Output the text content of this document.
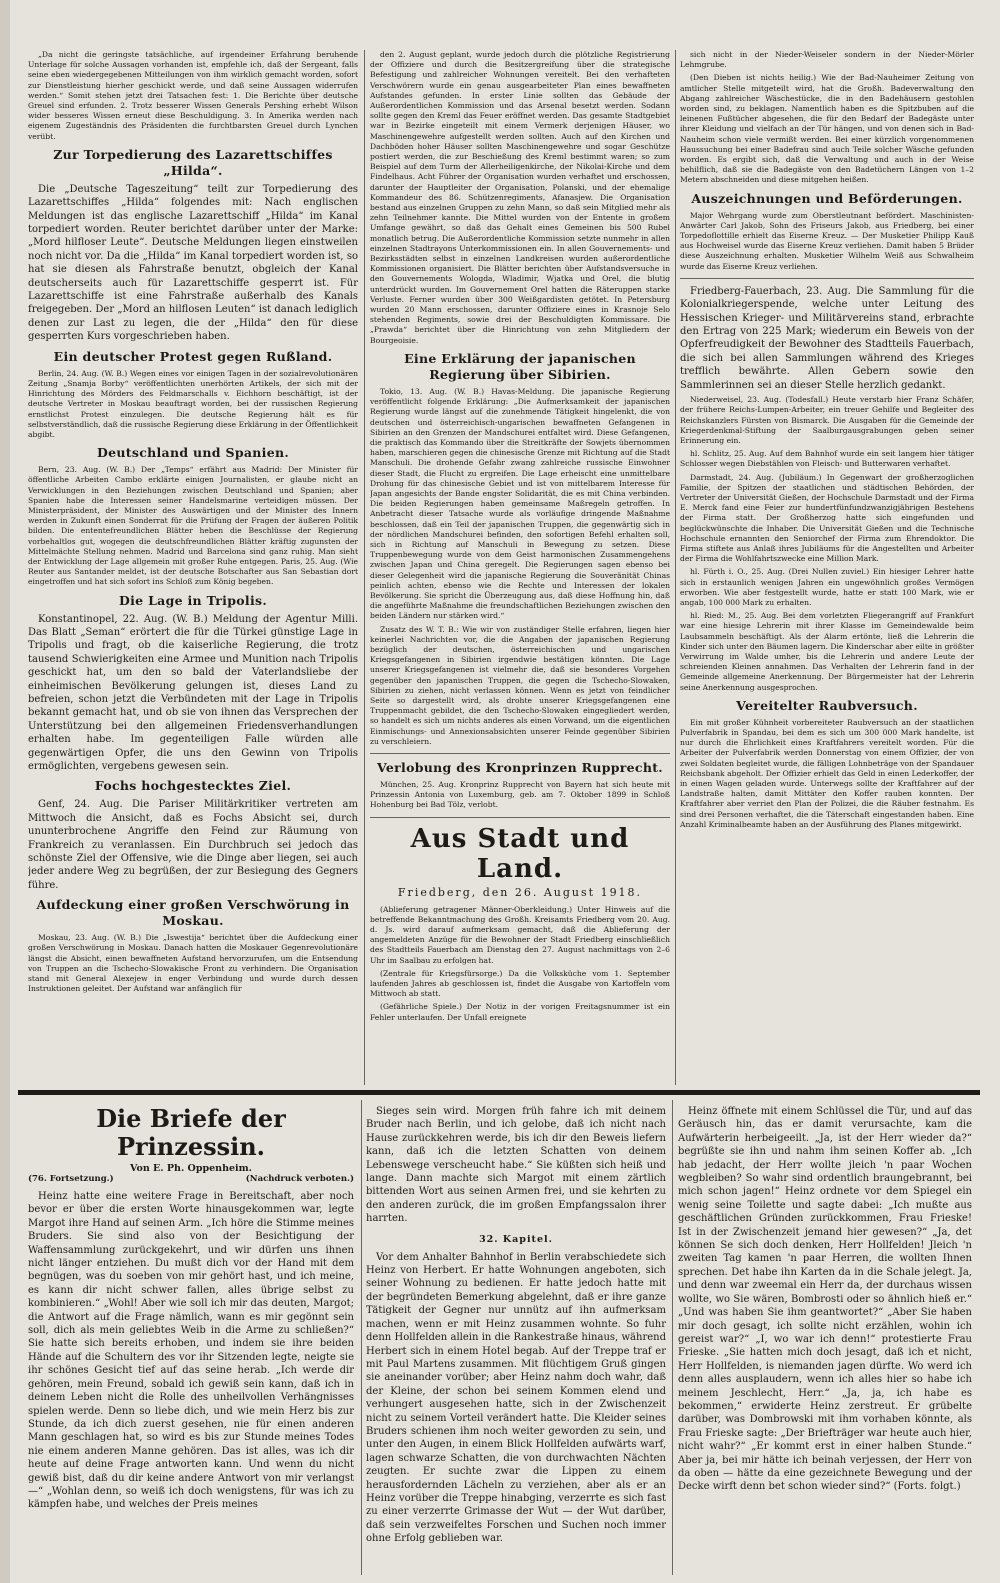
„Da nicht die geringste tatsächliche, auf irgendeiner Erfahrung beruhende Unterlage für solche Aussagen vorhanden ist, empfehle ich, daß der Sergeant, falls seine eben wiedergegebenen Mitteilungen von ihm wirklich gemacht worden, sofort zur Dienstleistung hierher geschickt werde, und daß seine Aussagen widerrufen werden.“ Somit stehen jetzt drei Tatsachen fest: 1. Die Berichte über deutsche Greuel sind erfunden. 2. Trotz besserer Wissen Generals Pershing erhebt Wilson wider besseres Wissen erneut diese Beschuldigung. 3. In Amerika werden nach eigenem Zugeständnis des Präsidenten die furchtbarsten Greuel durch Lynchen verübt.

Zur Torpedierung des Lazarettschiffes „Hilda“.

Die „Deutsche Tageszeitung“ teilt zur Torpedierung des Lazarettschiffes „Hilda“ folgendes mit: Nach englischen Meldungen ist das englische Lazarettschiff „Hilda“ im Kanal torpediert worden. Reuter berichtet darüber unter der Marke: „Mord hilfloser Leute“. Deutsche Meldungen liegen einstweilen noch nicht vor. Da die „Hilda“ im Kanal torpediert worden ist, so hat sie diesen als Fahrstraße benutzt, obgleich der Kanal deutscherseits auch für Lazarettschiffe gesperrt ist. Für Lazarettschiffe ist eine Fahrstraße außerhalb des Kanals freigegeben. Der „Mord an hilflosen Leuten“ ist danach lediglich denen zur Last zu legen, die der „Hilda“ den für diese gesperrten Kurs vorgeschrieben haben.

Ein deutscher Protest gegen Rußland.

Berlin, 24. Aug. (W. B.) Wegen eines vor einigen Tagen in der sozialrevolutionären Zeitung „Snamja Borby“ veröffentlichten unerhörten Artikels, der sich mit der Hinrichtung des Mörders des Feldmarschalls v. Eichhorn beschäftigt, ist der deutsche Vertreter in Moskau beauftragt worden, bei der russischen Regierung ernstlichst Protest einzulegen. Die deutsche Regierung hält es für selbstverständlich, daß die russische Regierung diese Erklärung in der Öffentlichkeit abgibt.

Deutschland und Spanien.

Bern, 23. Aug. (W. B.) Der „Temps“ erfährt aus Madrid: Der Minister für öffentliche Arbeiten Cambo erklärte einigen Journalisten, er glaube nicht an Verwicklungen in den Beziehungen zwischen Deutschland und Spanien; aber Spanien habe die Interessen seiner Handelsmarine verteidigen müssen. Der Ministerpräsident, der Minister des Auswärtigen und der Minister des Innern werden in Zukunft einen Sonderrat für die Prüfung der Fragen der äußeren Politik bilden. Die ententefreundlichen Blätter heben die Beschlüsse der Regierung vorbehaltlos gut, wogegen die deutschfreundlichen Blätter kräftig zugunsten der Mittelmächte Stellung nehmen. Madrid und Barcelona sind ganz ruhig. Man sieht der Entwicklung der Lage allgemein mit großer Ruhe entgegen. Paris, 25. Aug. (Wie Reuter aus Santander meldet, ist der deutsche Botschafter aus San Sebastian dort eingetroffen und hat sich sofort ins Schloß zum König begeben.

Die Lage in Tripolis.

Konstantinopel, 22. Aug. (W. B.) Meldung der Agentur Milli. Das Blatt „Seman“ erörtert die für die Türkei günstige Lage in Tripolis und fragt, ob die kaiserliche Regierung, die trotz tausend Schwierigkeiten eine Armee und Munition nach Tripolis geschickt hat, um den so bald der Vaterlandsliebe der einheimischen Bevölkerung gelungen ist, dieses Land zu befreien, schon jetzt die Verbündeten mit der Lage in Tripolis bekannt gemacht hat, und ob sie von ihnen das Versprechen der Unterstützung bei den allgemeinen Friedensverhandlungen erhalten habe. Im gegenteiligen Falle würden alle gegenwärtigen Opfer, die uns den Gewinn von Tripolis ermöglichten, vergebens gewesen sein.

Fochs hochgestecktes Ziel.

Genf, 24. Aug. Die Pariser Militärkritiker vertreten am Mittwoch die Ansicht, daß es Fochs Absicht sei, durch ununterbrochene Angriffe den Feind zur Räumung von Frankreich zu veranlassen. Ein Durchbruch sei jedoch das schönste Ziel der Offensive, wie die Dinge aber liegen, sei auch jeder andere Weg zu begrüßen, der zur Besiegung des Gegners führe.

Aufdeckung einer großen Verschwörung in Moskau.

Moskau, 23. Aug. (W. B.) Die „Iswestija“ berichtet über die Aufdeckung einer großen Verschwörung in Moskau. Danach hatten die Moskauer Gegenrevolutionäre längst die Absicht, einen bewaffneten Aufstand hervorzurufen, um die Entsendung von Truppen an die Tschecho-Slowakische Front zu verhindern. Die Organisation stand mit General Alexejew in enger Verbindung und wurde durch dessen Instruktionen geleitet. Der Aufstand war anfänglich für

den 2. August geplant, wurde jedoch durch die plötzliche Registrierung der Offiziere und durch die Besitzergreifung über die strategische Befestigung und zahlreicher Wohnungen vereitelt. Bei den verhafteten Verschwörern wurde ein genau ausgearbeiteter Plan eines bewaffneten Aufstandes gefunden. In erster Linie sollten das Gebäude der Außerordentlichen Kommission und das Arsenal besetzt werden. Sodann sollte gegen den Kreml das Feuer eröffnet werden. Das gesamte Stadtgebiet war in Bezirke eingeteilt mit einem Vermerk derjenigen Häuser, wo Maschinengewehre aufgestellt werden sollten. Auch auf den Kirchen und Dachböden hoher Häuser sollten Maschinengewehre und sogar Geschütze postiert werden, die zur Beschießung des Kreml bestimmt waren; so zum Beispiel auf dem Turm der Allerheiligenkirche, der Nikolai-Kirche und dem Findelhaus. Acht Führer der Organisation wurden verhaftet und erschossen, darunter der Hauptleiter der Organisation, Polanski, und der ehemalige Kommandeur des 86. Schützenregiments, Afanasjew. Die Organisation bestand aus einzelnen Gruppen zu zehn Mann, so daß sein Mitglied mehr als zehn Teilnehmer kannte. Die Mittel wurden von der Entente in großem Umfange gewährt, so daß das Gehalt eines Gemeinen bis 500 Rubel monatlich betrug. Die Außerordentliche Kommission setzte nunmehr in allen einzelnen Stadtrayons Unterkommissionen ein. In allen Gouvernements- und Bezirksstädten selbst in einzelnen Landkreisen wurden außerordentliche Kommissionen organisiert. Die Blätter berichten über Aufstandsversuche in den Gouvernements Wologda, Wladimir, Wjatka und Orel, die blutig unterdrückt wurden. Im Gouvernement Orel hatten die Räteruppen starke Verluste. Ferner wurden über 300 Weißgardisten getötet. In Petersburg wurden 20 Mann erschossen, darunter Offiziere eines in Krasnoje Selo stehenden Regiments, sowie drei der Beschuldigten Kommissare. Die „Prawda“ berichtet über die Hinrichtung von zehn Mitgliedern der Bourgeoisie.

Eine Erklärung der japanischen Regierung über Sibirien.

Tokio, 13. Aug. (W. B.) Havas-Meldung. Die japanische Regierung veröffentlicht folgende Erklärung: „Die Aufmerksamkeit der japanischen Regierung wurde längst auf die zunehmende Tätigkeit hingelenkt, die von deutschen und österreichisch-ungarischen bewaffneten Gefangenen in Sibirien an den Grenzen der Mandschurei entfaltet wird. Diese Gefangenen, die praktisch das Kommando über die Streitkräfte der Sowjets übernommen haben, marschieren gegen die chinesische Grenze mit Richtung auf die Stadt Manschuli. Die drohende Gefahr zwang zahlreiche russische Einwohner dieser Stadt, die Flucht zu ergreifen. Die Lage erheischt eine unmittelbare Drohung für das chinesische Gebiet und ist von mittelbarem Interesse für Japan angesichts der Bande engster Solidarität, die es mit China verbinden. Die beiden Regierungen haben gemeinsame Maßregeln getroffen. In Anbetracht dieser Tatsache wurde als vorläufige dringende Maßnahme beschlossen, daß ein Teil der japanischen Truppen, die gegenwärtig sich in der nördlichen Mandschurei befinden, den sofortigen Befehl erhalten soll, sich in Richtung auf Manschuli in Bewegung zu setzen. Diese Truppenbewegung wurde von dem Geist harmonischen Zusammengehens zwischen Japan und China geregelt. Die Regierungen sagen ebenso bei dieser Gelegenheit wird die japanische Regierung die Souveränität Chinas peinlich achten, ebenso wie die Rechte und Interessen der lokalen Bevölkerung. Sie spricht die Überzeugung aus, daß diese Hoffnung hin, daß die angeführte Maßnahme die freundschaftlichen Beziehungen zwischen den beiden Ländern nur stärken wird.“

Zusatz des W. T. B.: Wie wir von zuständiger Stelle erfahren, liegen hier keinerlei Nachrichten vor, die die Angaben der japanischen Regierung bezüglich der deutschen, österreichischen und ungarischen Kriegsgefangenen in Sibirien irgendwie bestätigen könnten. Die Lage unserer Kriegsgefangenen ist vielmehr die, daß sie besonderes Vorgehen gegenüber den japanischen Truppen, die gegen die Tschecho-Slowaken, Sibirien zu ziehen, nicht verlassen können. Wenn es jetzt von feindlicher Seite so dargestellt wird, als drohte unserer Kriegsgefangenen eine Truppenmacht gebildet, die den Tschecho-Slowaken eingegliedert werden, so handelt es sich um nichts anderes als einen Vorwand, um die eigentlichen Einmischungs- und Annexionsabsichten unserer Feinde gegenüber Sibirien zu verschleiern.

Verlobung des Kronprinzen Rupprecht.

München, 25. Aug. Kronprinz Rupprecht von Bayern hat sich heute mit Prinzessin Antonia von Luxemburg, geb. am 7. Oktober 1899 in Schloß Hohenburg bei Bad Tölz, verlobt.

Aus Stadt und Land.
Friedberg, den 26. August 1918.

(Ablieferung getragener Männer-Oberkleidung.) Unter Hinweis auf die betreffende Bekanntmachung des Großh. Kreisamts Friedberg vom 20. Aug. d. Js. wird darauf aufmerksam gemacht, daß die Ablieferung der angemeldeten Anzüge für die Bewohner der Stadt Friedberg einschließlich des Stadtteils Fauerbach am Dienstag den 27. August nachmittags von 2–6 Uhr im Saalbau zu erfolgen hat.

(Zentrale für Kriegsfürsorge.) Da die Volksküche vom 1. September laufenden Jahres ab geschlossen ist, findet die Ausgabe von Kartoffeln vom Mittwoch ab statt.

(Gefährliche Spiele.) Der Notiz in der vorigen Freitagsnummer ist ein Fehler unterlaufen. Der Unfall ereignete

sich nicht in der Nieder-Weiseler sondern in der Nieder-Mörler Lehmgrube.

(Den Dieben ist nichts heilig.) Wie der Bad-Nauheimer Zeitung von amtlicher Stelle mitgeteilt wird, hat die Großh. Badeverwaltung den Abgang zahlreicher Wäschestücke, die in den Badehäusern gestohlen worden sind, zu beklagen. Namentlich haben es die Spitzbuben auf die leinenen Fußtücher abgesehen, die für den Bedarf der Badegäste unter ihrer Kleidung und vielfach an der Tür hängen, und von denen sich in Bad-Nauheim schon viele vermißt werden. Bei einer kürzlich vorgenommenen Haussuchung bei einer Badefrau sind auch Teile solcher Wäsche gefunden worden. Es ergibt sich, daß die Verwaltung und auch in der Weise behilflich, daß sie die Badegäste von den Badetüchern Längen von 1–2 Metern abschneiden und diese mitgehen heißen.

Auszeichnungen und Beförderungen.

Major Wehrgang wurde zum Oberstleutnant befördert. Maschinisten-Anwärter Carl Jakob, Sohn des Friseurs Jakob, aus Friedberg, bei einer Torpedoflottille erhielt das Eiserne Kreuz. — Der Musketier Philipp Kauß aus Hochweisel wurde das Eiserne Kreuz verliehen. Damit haben 5 Brüder diese Auszeichnung erhalten. Musketier Wilhelm Weiß aus Schwalheim wurde das Eiserne Kreuz verliehen.

Friedberg-Fauerbach, 23. Aug. Die Sammlung für die Kolonialkriegerspende, welche unter Leitung des Hessischen Krieger- und Militärvereins stand, erbrachte den Ertrag von 225 Mark; wiederum ein Beweis von der Opferfreudigkeit der Bewohner des Stadtteils Fauerbach, die sich bei allen Sammlungen während des Krieges trefflich bewährte. Allen Gebern sowie den Sammlerinnen sei an dieser Stelle herzlich gedankt.

Niederweisel, 23. Aug. (Todesfall.) Heute verstarb hier Franz Schäfer, der frühere Reichs-Lumpen-Arbeiter, ein treuer Gehilfe und Begleiter des Reichskanzlers Fürsten von Bismarck. Die Ausgaben für die Gemeinde der Kriegerdenkmal-Stiftung der Saalburgausgrabungen geben seiner Erinnerung ein.

hl. Schlitz, 25. Aug. Auf dem Bahnhof wurde ein seit langem hier tätiger Schlosser wegen Diebstählen von Fleisch- und Butterwaren verhaftet.

Darmstadt, 24. Aug. (Jubiläum.) In Gegenwart der großherzoglichen Familie, der Spitzen der staatlichen und städtischen Behörden, der Vertreter der Universität Gießen, der Hochschule Darmstadt und der Firma E. Merck fand eine Feier zur hundertfünfundzwanzigjährigen Bestehens der Firma statt. Der Großherzog hatte sich eingefunden und beglückwünschte die Inhaber. Die Universität Gießen und die Technische Hochschule ernannten den Seniorchef der Firma zum Ehrendoktor. Die Firma stiftete aus Anlaß ihres Jubiläums für die Angestellten und Arbeiter der Firma die Wohlfahrtszwecke eine Million Mark.

hl. Fürth i. O., 25. Aug. (Drei Nullen zuviel.) Ein hiesiger Lehrer hatte sich in erstaunlich wenigen Jahren ein ungewöhnlich großes Vermögen erworben. Wie aber festgestellt wurde, hatte er statt 100 Mark, wie er angab, 100 000 Mark zu erhalten.

hl. Ried: M., 25. Aug. Bei dem vorletzten Fliegerangriff auf Frankfurt war eine hiesige Lehrerin mit ihrer Klasse im Gemeindewalde beim Laubsammeln beschäftigt. Als der Alarm ertönte, ließ die Lehrerin die Kinder sich unter den Bäumen lagern. Die Kinderschar aber eilte in größter Verwirrung im Walde umher, bis die Lehrerin und andere Leute der schreienden Kleinen annahmen. Das Verhalten der Lehrerin fand in der Gemeinde allgemeine Anerkennung. Der Bürgermeister hat der Lehrerin seine Anerkennung ausgesprochen.

Vereitelter Raubversuch.

Ein mit großer Kühnheit vorbereiteter Raubversuch an der staatlichen Pulverfabrik in Spandau, bei dem es sich um 300 000 Mark handelte, ist nur durch die Ehrlichkeit eines Kraftfahrers vereitelt worden. Für die Arbeiter der Pulverfabrik werden Donnerstag von einem Offizier, der von zwei Soldaten begleitet wurde, die fälligen Lohnbeträge von der Spandauer Reichsbank abgeholt. Der Offizier erhielt das Geld in einen Lederkoffer, der in einen Wagen geladen wurde. Unterwegs sollte der Kraftfahrer auf der Landstraße halten, damit Mittäter den Koffer rauben konnten. Der Kraftfahrer aber verriet den Plan der Polizei, die die Räuber festnahm. Es sind drei Personen verhaftet, die die Täterschaft eingestanden haben. Eine Anzahl Kriminalbeamte haben an der Ausführung des Planes mitgewirkt.

Die Briefe der Prinzessin.

Von E. Ph. Oppenheim.

(76. Fortsetzung.)	(Nachdruck verboten.)

Heinz hatte eine weitere Frage in Bereitschaft, aber noch bevor er über die ersten Worte hinausgekommen war, legte Margot ihre Hand auf seinen Arm. „Ich höre die Stimme meines Bruders. Sie sind also von der Besichtigung der Waffensammlung zurückgekehrt, und wir dürfen uns ihnen nicht länger entziehen. Du mußt dich vor der Hand mit dem begnügen, was du soeben von mir gehört hast, und ich meine, es kann dir nicht schwer fallen, alles übrige selbst zu kombinieren.“ „Wohl! Aber wie soll ich mir das deuten, Margot; die Antwort auf die Frage nämlich, wann es mir gegönnt sein soll, dich als mein geliebtes Weib in die Arme zu schließen?“ Sie hatte sich bereits erhoben, und indem sie ihre beiden Hände auf die Schultern des vor ihr Sitzenden legte, neigte sie ihr schönes Gesicht tief auf das seine herab. „Ich werde dir gehören, mein Freund, sobald ich gewiß sein kann, daß ich in deinem Leben nicht die Rolle des unheilvollen Verhängnisses spielen werde. Denn so liebe dich, und wie mein Herz bis zur Stunde, da ich dich zuerst gesehen, nie für einen anderen Mann geschlagen hat, so wird es bis zur Stunde meines Todes nie einem anderen Manne gehören. Das ist alles, was ich dir heute auf deine Frage antworten kann. Und wenn du nicht gewiß bist, daß du dir keine andere Antwort von mir verlangst —“ „Wohlan denn, so weiß ich doch wenigstens, für was ich zu kämpfen habe, und welches der Preis meines

Sieges sein wird. Morgen früh fahre ich mit deinem Bruder nach Berlin, und ich gelobe, daß ich nicht nach Hause zurückkehren werde, bis ich dir den Beweis liefern kann, daß ich die letzten Schatten von deinem Lebenswege verscheucht habe.“ Sie küßten sich heiß und lange. Dann machte sich Margot mit einem zärtlich bittenden Wort aus seinen Armen frei, und sie kehrten zu den anderen zurück, die im großen Empfangssalon ihrer harrten.

32. Kapitel.

Vor dem Anhalter Bahnhof in Berlin verabschiedete sich Heinz von Herbert. Er hatte Wohnungen angeboten, sich seiner Wohnung zu bedienen. Er hatte jedoch hatte mit der begründeten Bemerkung abgelehnt, daß er ihre ganze Tätigkeit der Gegner nur unnütz auf ihn aufmerksam machen, wenn er mit Heinz zusammen wohnte. So fuhr denn Hollfelden allein in die Rankestraße hinaus, während Herbert sich in einem Hotel begab. Auf der Treppe traf er mit Paul Martens zusammen. Mit flüchtigem Gruß gingen sie aneinander vorüber; aber Heinz nahm doch wahr, daß der Kleine, der schon bei seinem Kommen elend und verhungert ausgesehen hatte, sich in der Zwischenzeit nicht zu seinem Vorteil verändert hatte. Die Kleider seines Bruders schienen ihm noch weiter geworden zu sein, und unter den Augen, in einem Blick Hollfelden aufwärts warf, lagen schwarze Schatten, die von durchwachten Nächten zeugten. Er suchte zwar die Lippen zu einem herausfordernden Lächeln zu verziehen, aber als er an Heinz vorüber die Treppe hinabging, verzerrte es sich fast zu einer verzerrte Grimasse der Wut — der Wut darüber, daß sein verzweifeltes Forschen und Suchen noch immer ohne Erfolg geblieben war.

Heinz öffnete mit einem Schlüssel die Tür, und auf das Geräusch hin, das er damit verursachte, kam die Aufwärterin herbeigeeilt. „Ja, ist der Herr wieder da?“ begrüßte sie ihn und nahm ihm seinen Koffer ab. „Ich hab jedacht, der Herr wollte jleich 'n paar Wochen wegbleiben? So wahr sind ordentlich braungebrannt, bei mich schon jagen!“ Heinz ordnete vor dem Spiegel ein wenig seine Toilette und sagte dabei: „Ich mußte aus geschäftlichen Gründen zurückkommen, Frau Frieske! Ist in der Zwischenzeit jemand hier gewesen?“ „Ja, det können Se sich doch denken, Herr Hollfelden! Jleich 'n zweiten Tag kamen 'n paar Herren, die wollten Ihnen sprechen. Det habe ihn Karten da in die Schale jelegt. Ja, und denn war zweemal ein Herr da, der durchaus wissen wollte, wo Sie wären, Bombrosti oder so ähnlich hieß er.“ „Und was haben Sie ihm geantwortet?“ „Aber Sie haben mir doch gesagt, ich sollte nicht erzählen, wohin ich gereist war?“ „I, wo war ich denn!“ protestierte Frau Frieske. „Sie hatten mich doch jesagt, daß ich et nicht, Herr Hollfelden, is niemanden jagen dürfte. Wo werd ich denn alles ausplaudern, wenn ich alles hier so habe ich meinem Jeschlecht, Herr.“ „Ja, ja, ich habe es bekommen,“ erwiderte Heinz zerstreut. Er grübelte darüber, was Dombrowski mit ihm vorhaben könnte, als Frau Frieske sagte: „Der Briefträger war heute auch hier, nicht wahr?“ „Er kommt erst in einer halben Stunde.“ Aber ja, bei mir hätte ich beinah verjessen, der Herr von da oben — hätte da eine gezeichnete Bewegung und der Decke wirft denn bet schon wieder sind?“ (Forts. folgt.)
